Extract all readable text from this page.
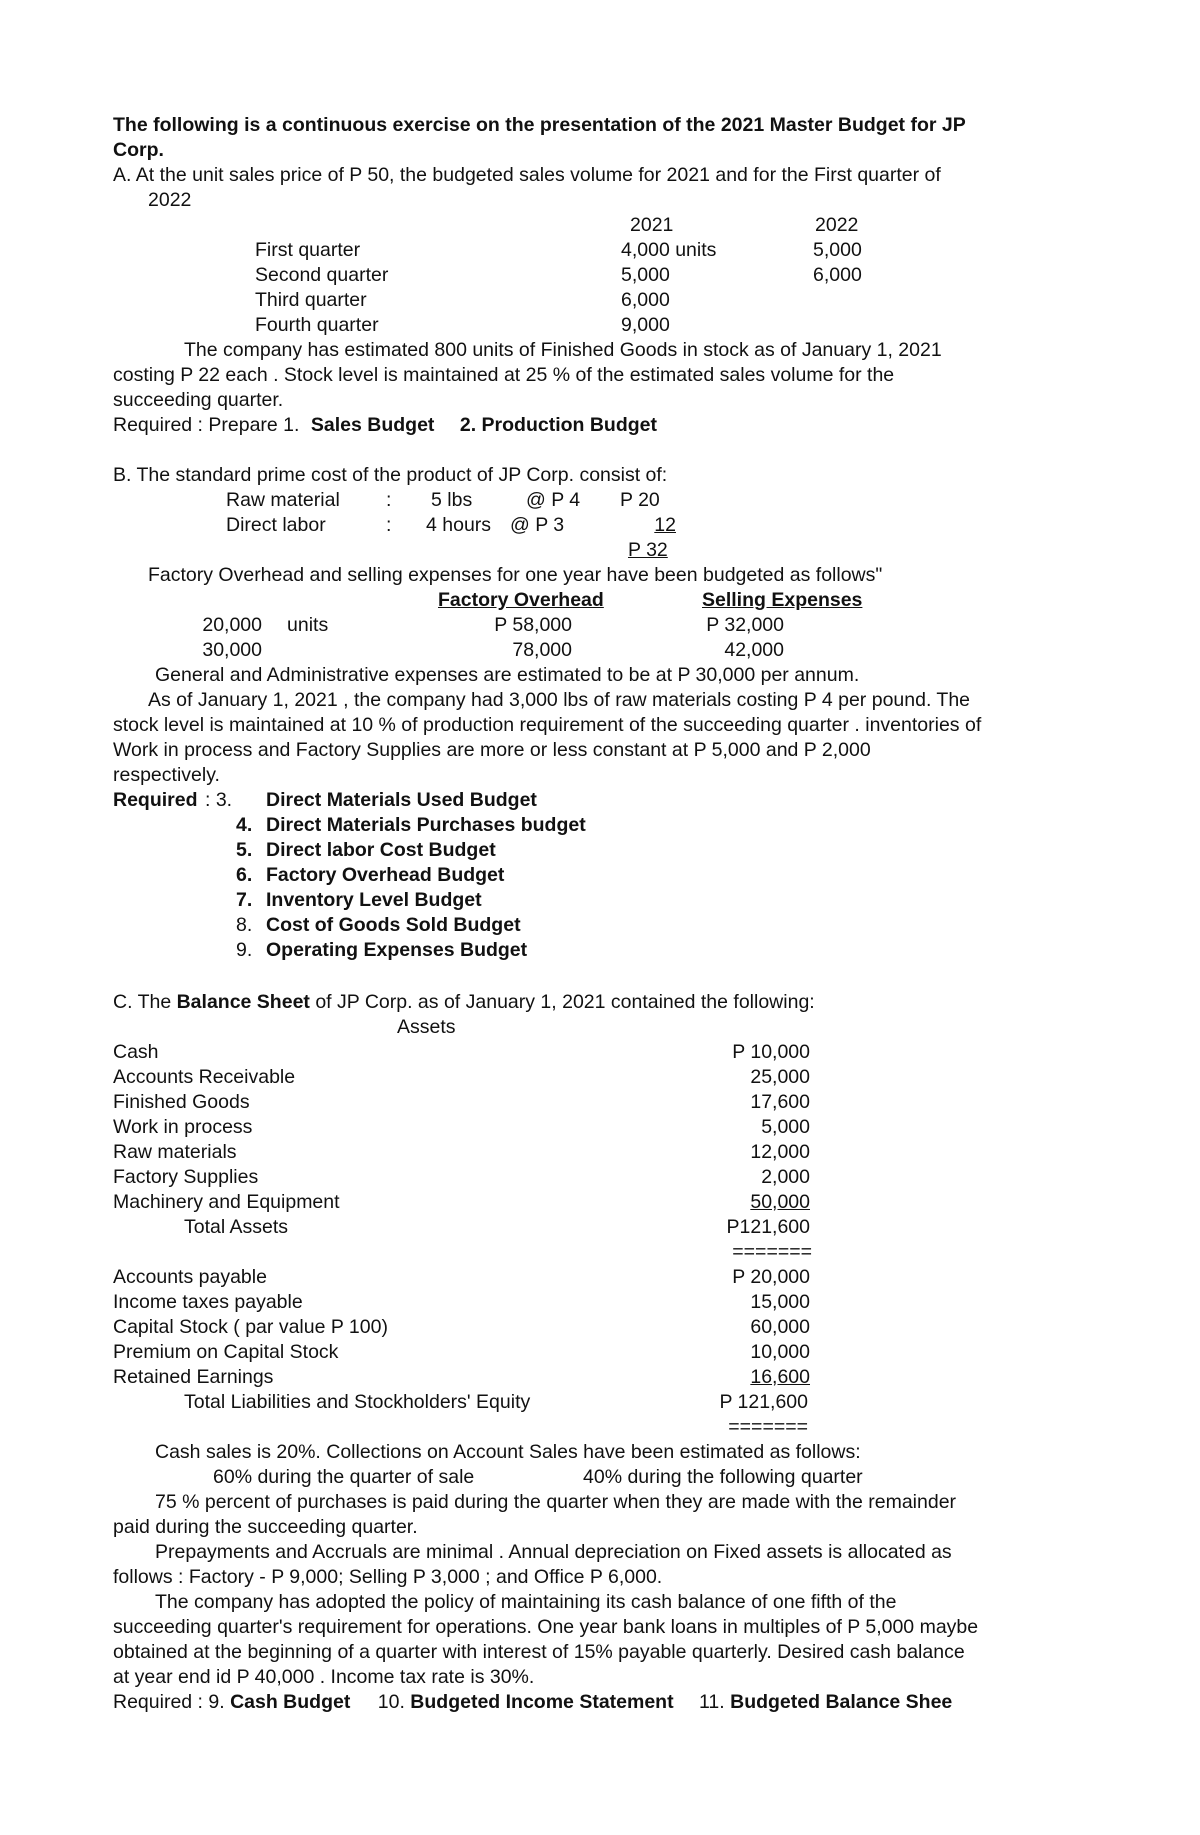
The following is a continuous exercise on the presentation of the 2021 Master Budget for JP
Corp.
A. At the unit sales price of P 50, the budgeted sales volume for 2021 and for the First quarter of
2022
2021	2022
First quarter	4,000 units	5,000
Second quarter	5,000	6,000
Third quarter	6,000
Fourth quarter	9,000
The company has estimated 800 units of Finished Goods in stock as of January 1, 2021
costing P 22 each . Stock level is maintained at 25 % of the estimated sales volume for the
succeeding quarter.
Required : Prepare 1. Sales Budget 2. Production Budget
B. The standard prime cost of the product of JP Corp. consist of:
Raw material : 5 lbs	@ P 4 P 20
Direct labor	: 4 hours @ P 3	12
P 32
Factory Overhead and selling expenses for one year have been budgeted as follows"
Factory Overhead	Selling Expenses
20,000 units	P 58,000	P 32,000
30,000	78,000	42,000
General and Administrative expenses are estimated to be at P 30,000 per annum.
As of January 1, 2021 , the company had 3,000 lbs of raw materials costing P 4 per pound. The
stock level is maintained at 10 % of production requirement of the succeeding quarter . inventories of
Work in process and Factory Supplies are more or less constant at P 5,000 and P 2,000
respectively.
Required : 3. Direct Materials Used Budget
4. Direct Materials Purchases budget
5. Direct labor Cost Budget
6. Factory Overhead Budget
7. Inventory Level Budget
8. Cost of Goods Sold Budget
9. Operating Expenses Budget
C. The Balance Sheet of JP Corp. as of January 1, 2021 contained the following:
Assets
Cash	P 10,000
Accounts Receivable	25,000
Finished Goods	17,600
Work in process	5,000
Raw materials	12,000
Factory Supplies	2,000
Machinery and Equipment	50,000
Total Assets	P121,600
=======
Accounts payable	P 20,000
Income taxes payable	15,000
Capital Stock ( par value P 100)	60,000
Premium on Capital Stock	10,000
Retained Earnings	16,600
Total Liabilities and Stockholders' Equity	P 121,600
=======
Cash sales is 20%. Collections on Account Sales have been estimated as follows:
60% during the quarter of sale	40% during the following quarter
75 % percent of purchases is paid during the quarter when they are made with the remainder
paid during the succeeding quarter.
Prepayments and Accruals are minimal . Annual depreciation on Fixed assets is allocated as
follows : Factory - P 9,000; Selling P 3,000 ; and Office P 6,000.
The company has adopted the policy of maintaining its cash balance of one fifth of the
succeeding quarter's requirement for operations. One year bank loans in multiples of P 5,000 maybe
obtained at the beginning of a quarter with interest of 15% payable quarterly. Desired cash balance
at year end id P 40,000 . Income tax rate is 30%.
Required : 9. Cash Budget 10. Budgeted Income Statement 11. Budgeted Balance Shee
